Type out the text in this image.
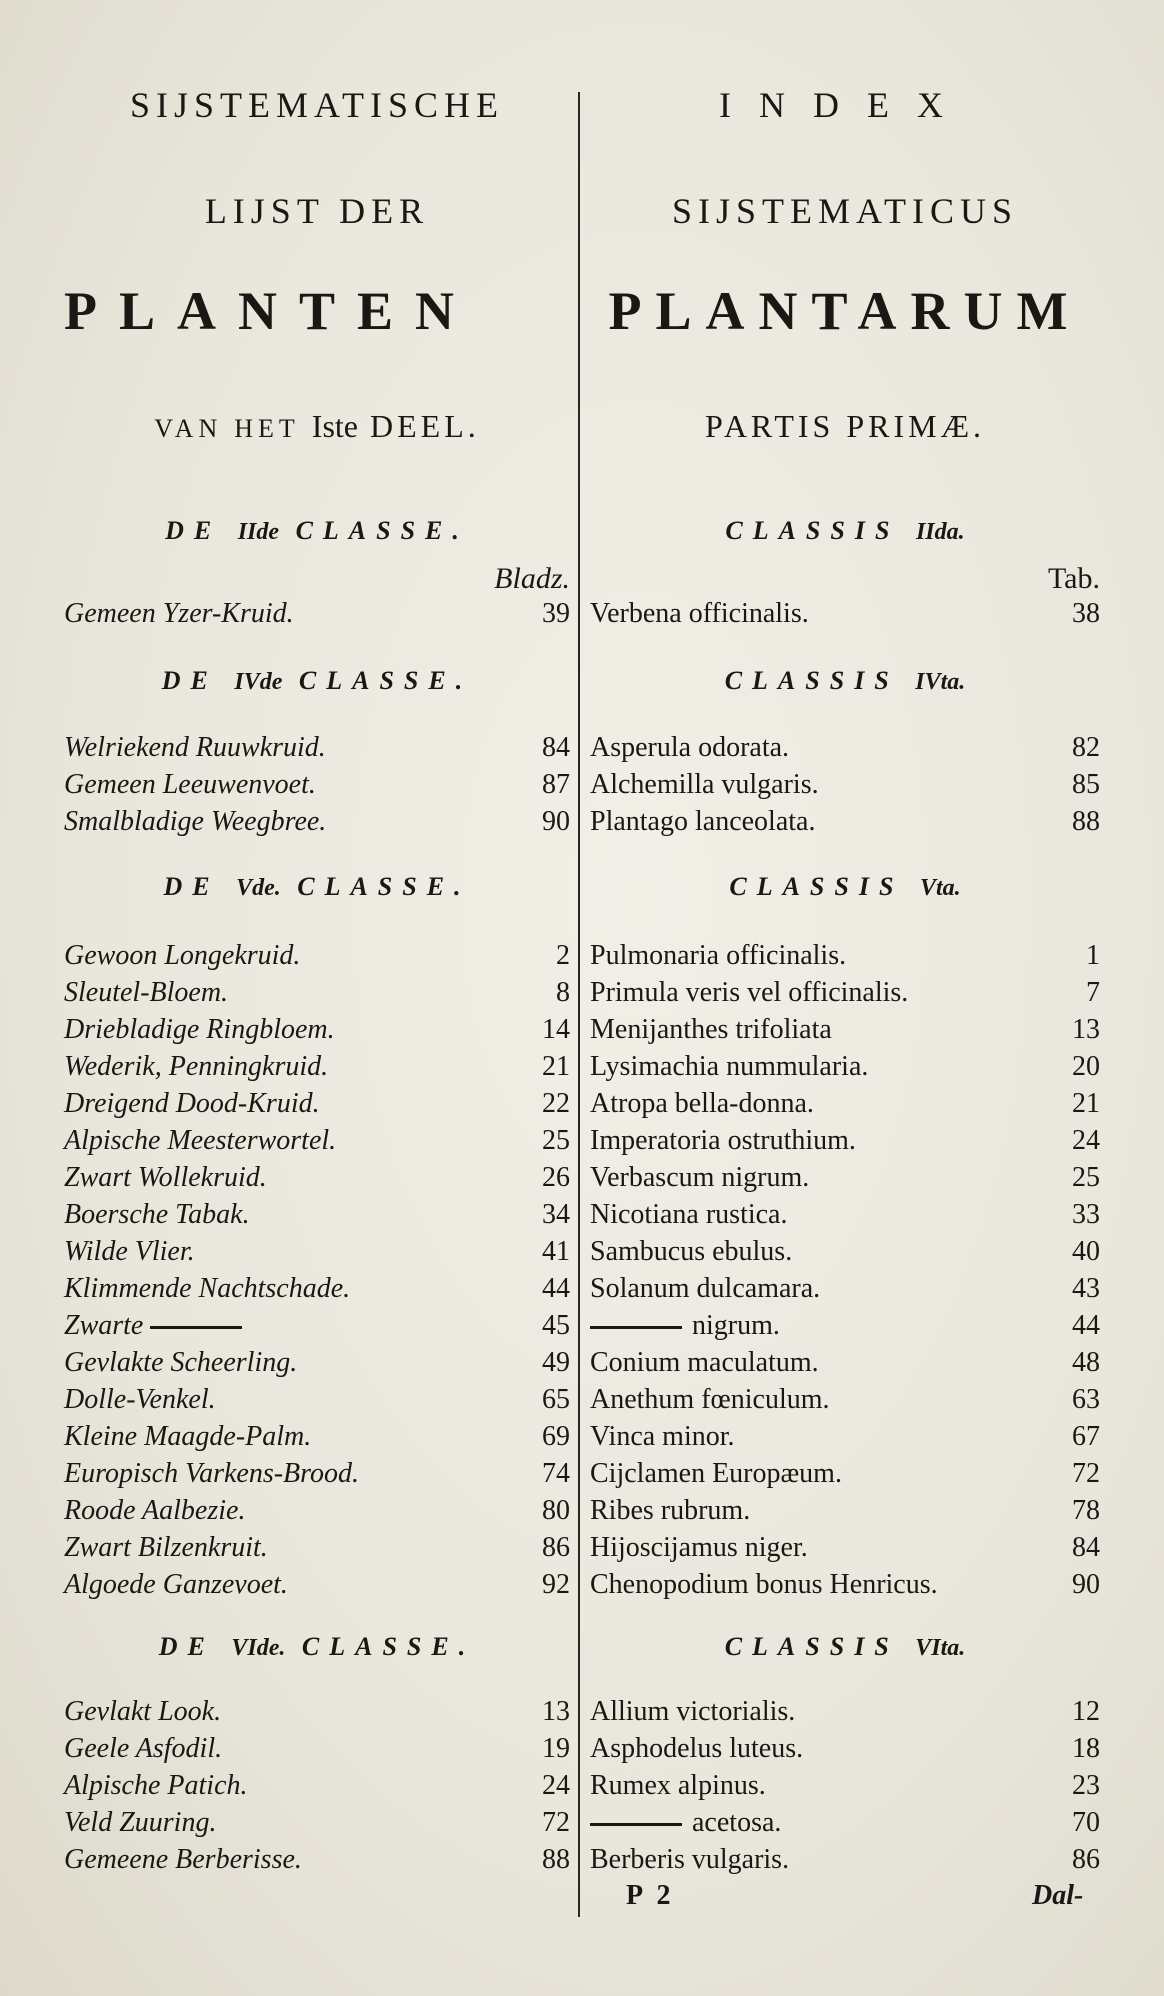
SIJSTEMATISCHE
LIJST DER
PLANTEN
VAN HET Iste DEEL.
DE IIde CLASSE.
Bladz.
Gemeen Yzer-Kruid.	39
DE IVde CLASSE.
Welriekend Ruuwkruid.	84
Gemeen Leeuwenvoet.	87
Smalbladige Weegbree.	90
DE Vde. CLASSE.
Gewoon Longekruid.	2
Sleutel-Bloem.	8
Driebladige Ringbloem.	14
Wederik, Penningkruid.	21
Dreigend Dood-Kruid.	22
Alpische Meesterwortel.	25
Zwart Wollekruid.	26
Boersche Tabak.	34
Wilde Vlier.	41
Klimmende Nachtschade.	44
Zwarte	45
Gevlakte Scheerling.	49
Dolle-Venkel.	65
Kleine Maagde-Palm.	69
Europisch Varkens-Brood.	74
Roode Aalbezie.	80
Zwart Bilzenkruit.	86
Algoede Ganzevoet.	92
DE VIde. CLASSE.
Gevlakt Look.	13
Geele Asfodil.	19
Alpische Patich.	24
Veld Zuuring.	72
Gemeene Berberisse.	88
INDEX
SIJSTEMATICUS
PLANTARUM
PARTIS PRIMÆ.
CLASSIS IIda.
Tab.
Verbena officinalis.	38
CLASSIS IVta.
Asperula odorata.	82
Alchemilla vulgaris.	85
Plantago lanceolata.	88
CLASSIS Vta.
Pulmonaria officinalis.	1
Primula veris vel officinalis.	7
Menijanthes trifoliata	13
Lysimachia nummularia.	20
Atropa bella-donna.	21
Imperatoria ostruthium.	24
Verbascum nigrum.	25
Nicotiana rustica.	33
Sambucus ebulus.	40
Solanum dulcamara.	43
nigrum.	44
Conium maculatum.	48
Anethum fœniculum.	63
Vinca minor.	67
Cijclamen Europæum.	72
Ribes rubrum.	78
Hijoscijamus niger.	84
Chenopodium bonus Henricus.	90
CLASSIS VIta.
Allium victorialis.	12
Asphodelus luteus.	18
Rumex alpinus.	23
acetosa.	70
Berberis vulgaris.	86
P 2	Dal-
